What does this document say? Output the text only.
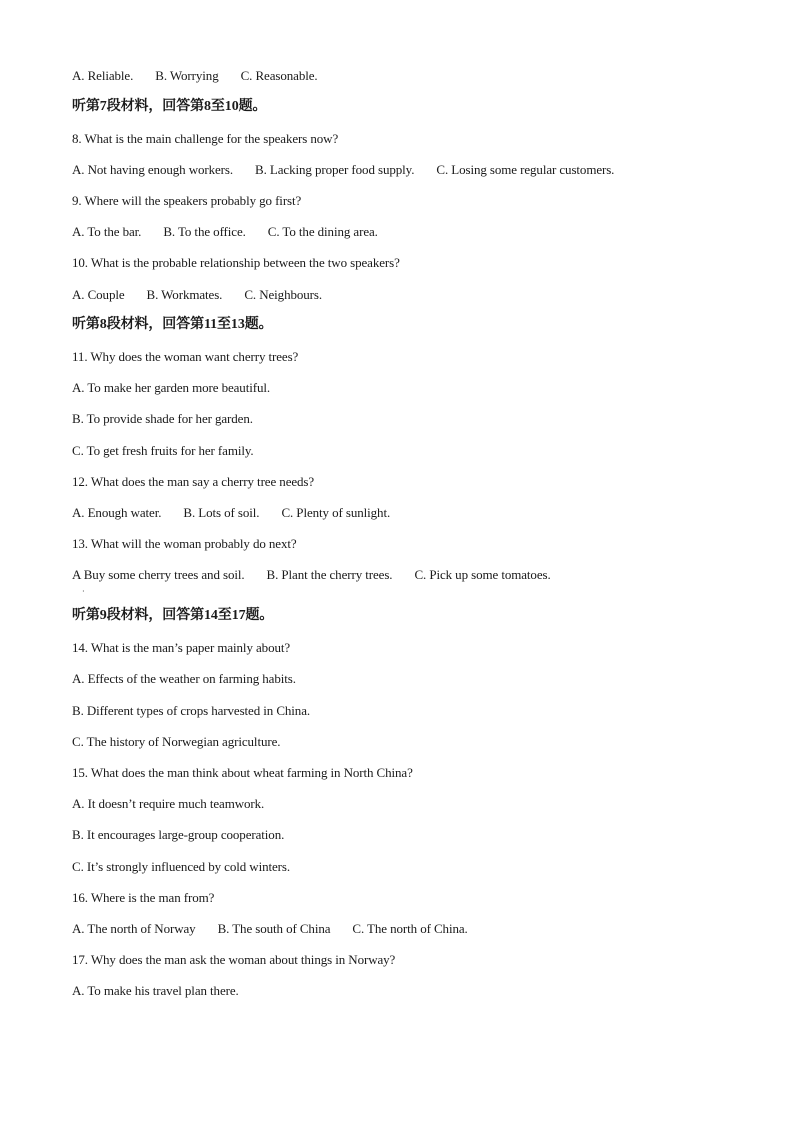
A. Reliable. B. Worrying C. Reasonable.
听第7段材料，回答第8至10题。
8. What is the main challenge for the speakers now?
A. Not having enough workers. B. Lacking proper food supply. C. Losing some regular customers.
9. Where will the speakers probably go first?
A. To the bar. B. To the office. C. To the dining area.
10. What is the probable relationship between the two speakers?
A. Couple B. Workmates. C. Neighbours.
听第8段材料，回答第11至13题。
11. Why does the woman want cherry trees?
A. To make her garden more beautiful.
B. To provide shade for her garden.
C. To get fresh fruits for her family.
12. What does the man say a cherry tree needs?
A. Enough water. B. Lots of soil. C. Plenty of sunlight.
13. What will the woman probably do next?
A Buy some cherry trees and soil. B. Plant the cherry trees. C. Pick up some tomatoes.
·
听第9段材料，回答第14至17题。
14. What is the man’s paper mainly about?
A. Effects of the weather on farming habits.
B. Different types of crops harvested in China.
C. The history of Norwegian agriculture.
15. What does the man think about wheat farming in North China?
A. It doesn’t require much teamwork.
B. It encourages large-group cooperation.
C. It’s strongly influenced by cold winters.
16. Where is the man from?
A. The north of Norway B. The south of China C. The north of China.
17. Why does the man ask the woman about things in Norway?
A. To make his travel plan there.
